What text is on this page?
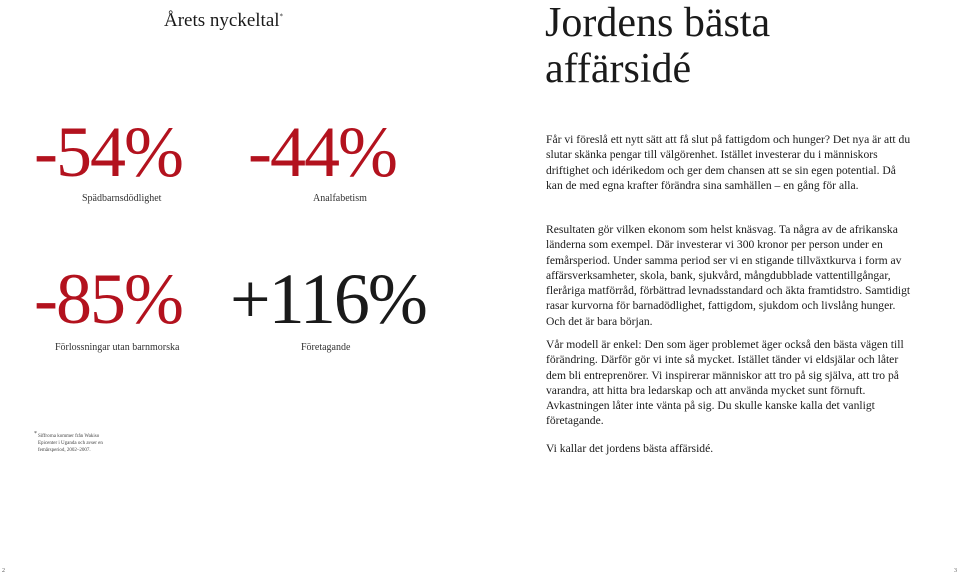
Årets nyckeltal*
-54%
Spädbarnsdödlighet
-44%
Analfabetism
-85%
Förlossningar utan barnmorska
+116%
Företagande
* Siffrorna kommer från Wakiso Epicenter i Uganda och avser en femårsperiod, 2002–2007.
2
Jordens bästa
affärsidé

Får vi föreslå ett nytt sätt att få slut på fattigdom och hunger? Det nya är att du slutar skänka pengar till välgörenhet. Istället investerar du i människors driftighet och idérikedom och ger dem chansen att se sin egen potential. Då kan de med egna krafter förändra sina samhällen – en gång för alla.

Resultaten gör vilken ekonom som helst knäsvag. Ta några av de afrikanska länderna som exempel. Där investerar vi 300 kronor per person under en femårsperiod. Under samma period ser vi en stigande tillväxtkurva i form av affärsverksamheter, skola, bank, sjukvård, mångdubblade vattentillgångar, fleråriga matförråd, förbättrad levnadsstandard och äkta framtidstro. Samtidigt rasar kurvorna för barnadödlighet, fattigdom, sjukdom och livslång hunger. Och det är bara början.

Vår modell är enkel: Den som äger problemet äger också den bästa vägen till förändring. Därför gör vi inte så mycket. Istället tänder vi eldsjälar och låter dem bli entreprenörer. Vi inspirerar människor att tro på sig själva, att tro på varandra, att hitta bra ledarskap och att använda mycket sunt förnuft. Avkastningen låter inte vänta på sig. Du skulle kanske kalla det vanligt företagande.

Vi kallar det jordens bästa affärsidé.

3
